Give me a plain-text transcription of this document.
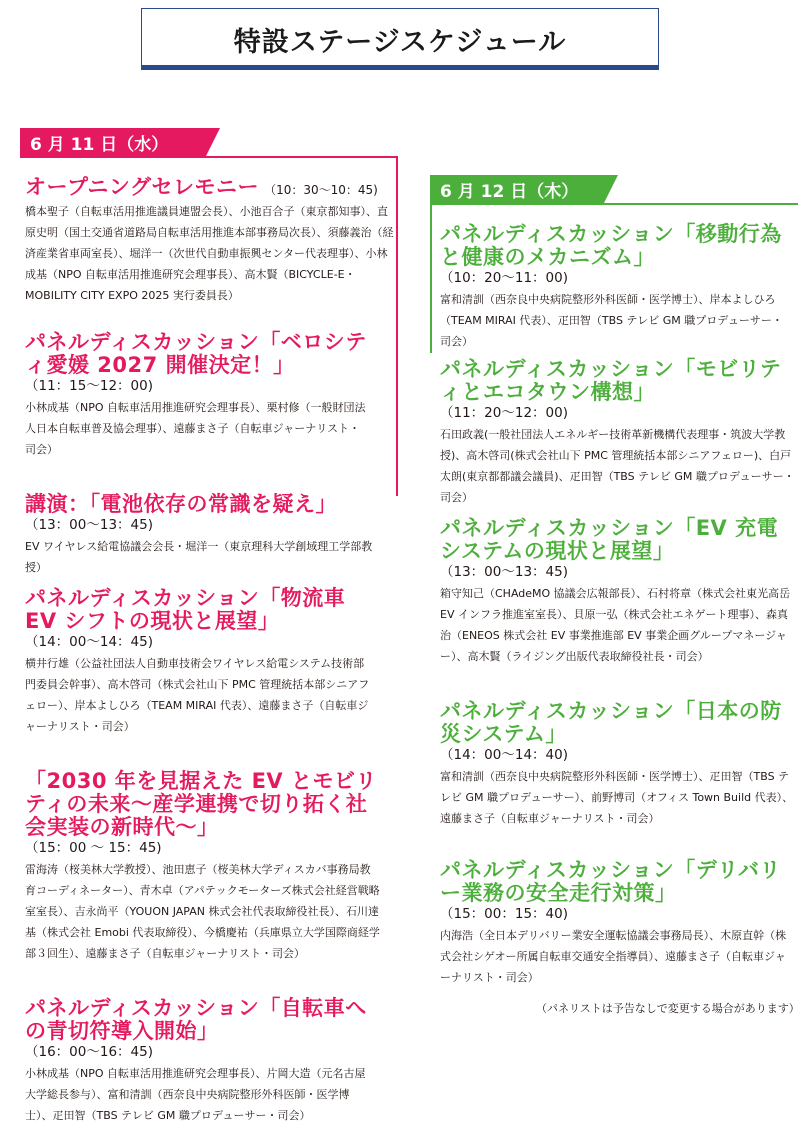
特設ステージスケジュール
6 月 11 日（水）
オープニングセレモニー （10：30〜10：45)
橋本聖子（自転車活用推進議員連盟会長）、小池百合子（東京都知事）、直原史明（国土交通省道路局自転車活用推進本部事務局次長）、須藤義治（経済産業省車両室長）、堀洋一（次世代自動車振興センター代表理事）、小林成基（NPO 自転車活用推進研究会理事長）、高木賢（BICYCLE-E・MOBILITY CITY EXPO 2025 実行委員長）
パネルディスカッション「ベロシティ愛媛 2027 開催決定！」
（11：15〜12：00)
小林成基（NPO 自転車活用推進研究会理事長）、栗村修（一般財団法人日本自転車普及協会理事）、遠藤まさ子（自転車ジャーナリスト・司会）
講演：「電池依存の常識を疑え」
（13：00〜13：45)
EV ワイヤレス給電協議会会長・堀洋一（東京理科大学創域理工学部教授）
パネルディスカッション「物流車 EV シフトの現状と展望」
（14：00〜14：45)
横井行雄（公益社団法人自動車技術会ワイヤレス給電システム技術部門委員会幹事）、高木啓司（株式会社山下 PMC 管理統括本部シニアフェロー）、岸本よしひろ（TEAM MIRAI 代表）、遠藤まさ子（自転車ジャーナリスト・司会）
「2030 年を見据えた EV とモビリティの未来〜産学連携で切り拓く社会実装の新時代〜」
（15：00 〜 15：45)
雷海涛（桜美林大学教授）、池田恵子（桜美林大学ディスカバ事務局教育コーディネーター）、青木卓（アパテックモーターズ株式会社経営戦略室室長）、吉永尚平（YOUON JAPAN 株式会社代表取締役社長）、石川達基（株式会社 Emobi 代表取締役）、今橋慶祐（兵庫県立大学国際商経学部３回生）、遠藤まさ子（自転車ジャーナリスト・司会）
パネルディスカッション「自転車への青切符導入開始」
（16：00〜16：45)
小林成基（NPO 自転車活用推進研究会理事長）、片岡大造（元名古屋大学総長参与）、富和清訓（西奈良中央病院整形外科医師・医学博士）、疋田智（TBS テレビ GM 職プロデューサー・司会）
6 月 12 日（木）
パネルディスカッション「移動行為と健康のメカニズム」
（10：20〜11：00)
富和清訓（西奈良中央病院整形外科医師・医学博士）、岸本よしひろ（TEAM MIRAI 代表）、疋田智（TBS テレビ GM 職プロデューサー・司会）
パネルディスカッション「モビリティとエコタウン構想」
（11：20〜12：00)
石田政義(一般社団法人エネルギー技術革新機構代表理事・筑波大学教授)、高木啓司(株式会社山下 PMC 管理統括本部シニアフェロー)、白戸太朗(東京都都議会議員)、疋田智（TBS テレビ GM 職プロデューサー・司会）
パネルディスカッション「EV 充電システムの現状と展望」
（13：00〜13：45)
箱守知己（CHAdeMO 協議会広報部長）、石村将章（株式会社東光高岳 EV インフラ推進室室長）、貝原一弘（株式会社エネゲート理事）、森真治（ENEOS 株式会社 EV 事業推進部 EV 事業企画グループマネージャー）、高木賢（ライジング出版代表取締役社長・司会）
パネルディスカッション「日本の防災システム」
（14：00〜14：40)
富和清訓（西奈良中央病院整形外科医師・医学博士）、疋田智（TBS テレビ GM 職プロデューサー）、前野博司（オフィス Town Build 代表）、遠藤まさ子（自転車ジャーナリスト・司会）
パネルディスカッション「デリバリー業務の安全走行対策」
（15：00：15：40)
内海浩（全日本デリバリー業安全運転協議会事務局長）、木原直幹（株式会社シゲオー所属自転車交通安全指導員）、遠藤まさ子（自転車ジャーナリスト・司会）
（パネリストは予告なしで変更する場合があります）
